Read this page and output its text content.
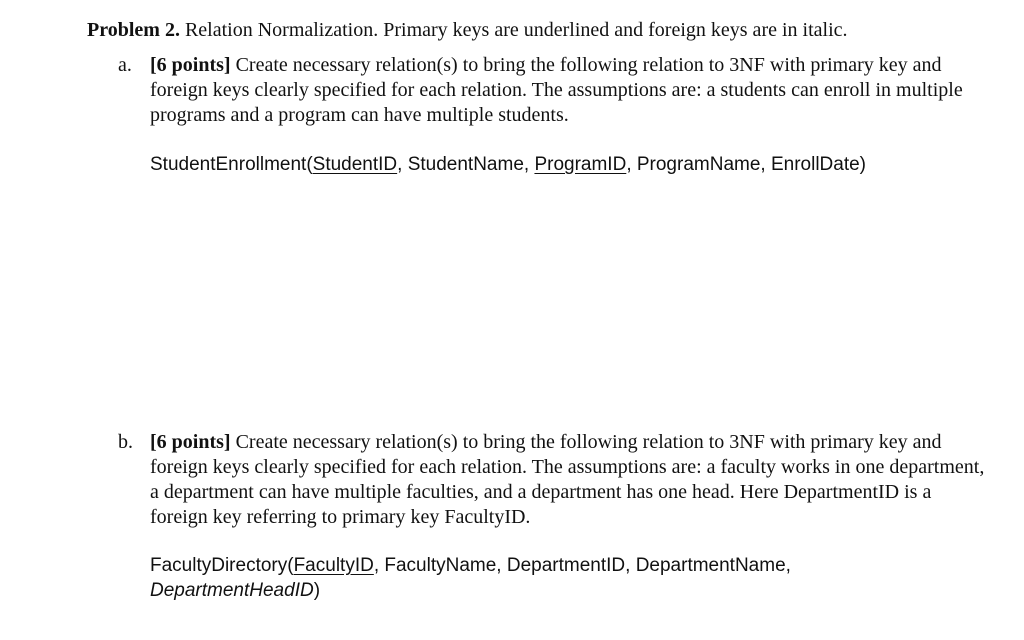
Problem 2. Relation Normalization. Primary keys are underlined and foreign keys are in italic.
a. [6 points] Create necessary relation(s) to bring the following relation to 3NF with primary key and foreign keys clearly specified for each relation. The assumptions are: a students can enroll in multiple programs and a program can have multiple students.
StudentEnrollment(StudentID, StudentName, ProgramID, ProgramName, EnrollDate)
b. [6 points] Create necessary relation(s) to bring the following relation to 3NF with primary key and foreign keys clearly specified for each relation. The assumptions are: a faculty works in one department, a department can have multiple faculties, and a department has one head. Here DepartmentID is a foreign key referring to primary key FacultyID.
FacultyDirectory(FacultyID, FacultyName, DepartmentID, DepartmentName, DepartmentHeadID)
